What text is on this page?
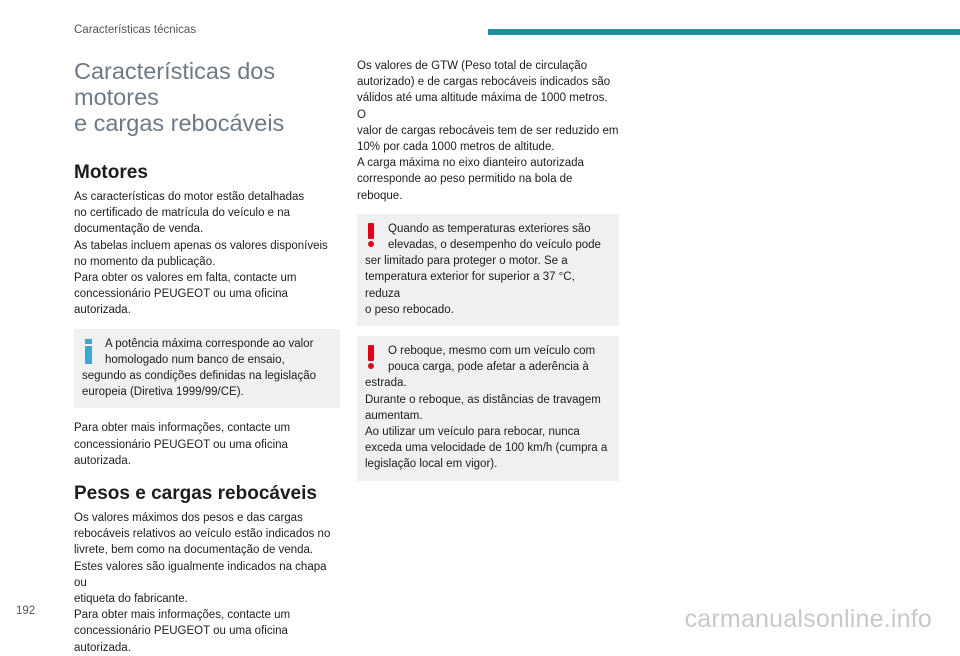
Características técnicas
Características dos motores
e cargas rebocáveis
Motores

As características do motor estão detalhadas
no certificado de matrícula do veículo e na
documentação de venda.
As tabelas incluem apenas os valores disponíveis
no momento da publicação.
Para obter os valores em falta, contacte um
concessionário PEUGEOT ou uma oficina
autorizada.

A potência máxima corresponde ao valor
homologado num banco de ensaio,
segundo as condições definidas na legislação
europeia (Diretiva 1999/99/CE).

Para obter mais informações, contacte um
concessionário PEUGEOT ou uma oficina
autorizada.

Pesos e cargas rebocáveis

Os valores máximos dos pesos e das cargas
rebocáveis relativos ao veículo estão indicados no
livrete, bem como na documentação de venda.
Estes valores são igualmente indicados na chapa ou
etiqueta do fabricante.
Para obter mais informações, contacte um
concessionário PEUGEOT ou uma oficina
autorizada.

Os valores de GTW (Peso total de circulação
autorizado) e de cargas rebocáveis indicados são
válidos até uma altitude máxima de 1000 metros. O
valor de cargas rebocáveis tem de ser reduzido em
10% por cada 1000 metros de altitude.
A carga máxima no eixo dianteiro autorizada
corresponde ao peso permitido na bola de reboque.

Quando as temperaturas exteriores são
elevadas, o desempenho do veículo pode
ser limitado para proteger o motor. Se a
temperatura exterior for superior a 37 °C, reduza
o peso rebocado.

O reboque, mesmo com um veículo com
pouca carga, pode afetar a aderência à
estrada.
Durante o reboque, as distâncias de travagem
aumentam.
Ao utilizar um veículo para rebocar, nunca
exceda uma velocidade de 100 km/h (cumpra a
legislação local em vigor).

192	carmanualsonline.info
